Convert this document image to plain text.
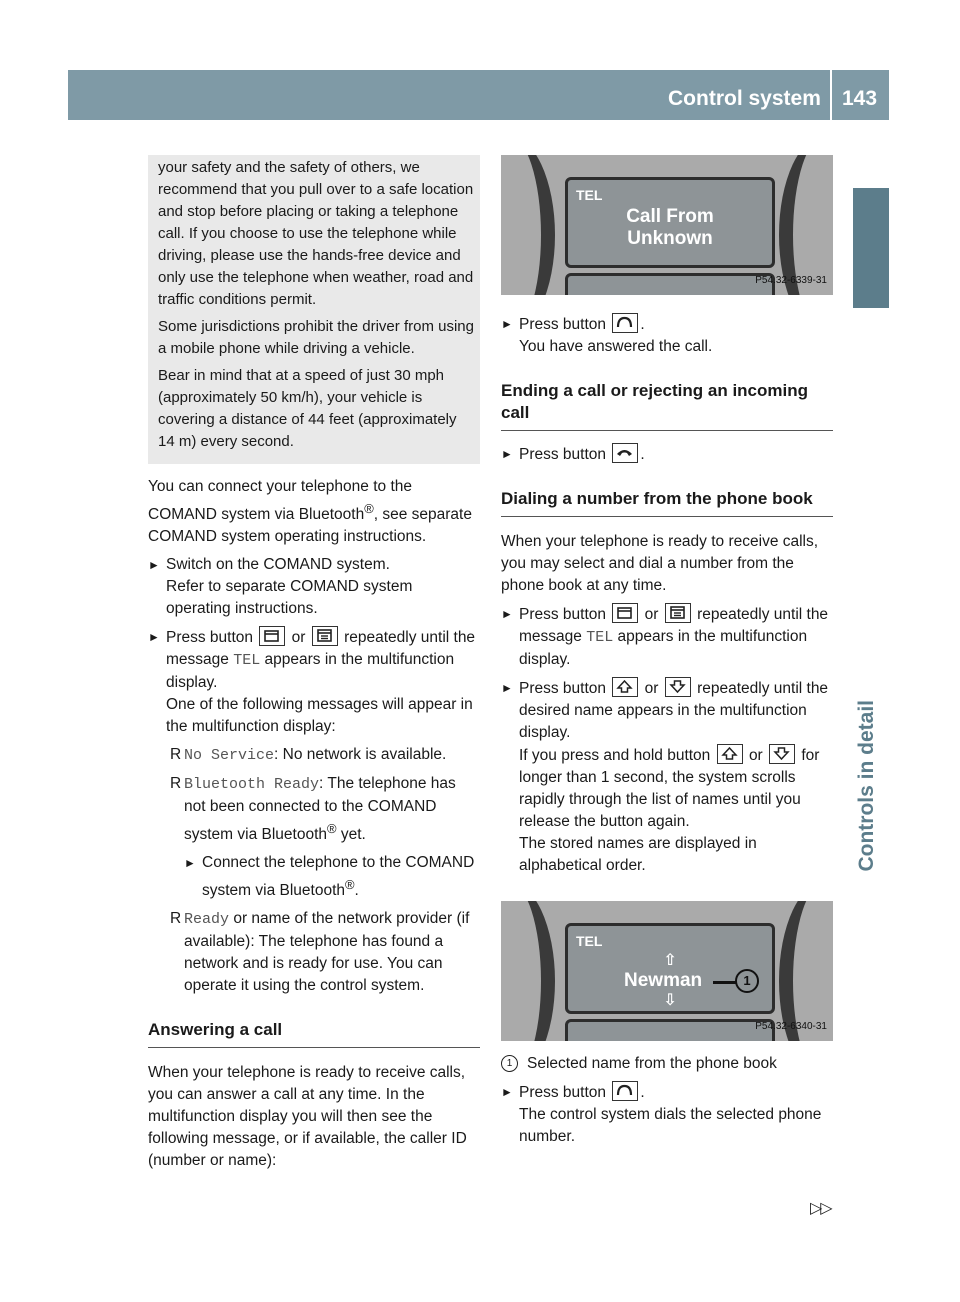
Control system 143
Controls in detail

your safety and the safety of others, we recommend that you pull over to a safe location and stop before placing or taking a telephone call. If you choose to use the telephone while driving, please use the hands-free device and only use the telephone when weather, road and traffic conditions permit.

Some jurisdictions prohibit the driver from using a mobile phone while driving a vehicle.

Bear in mind that at a speed of just 30 mph (approximately 50 km/h), your vehicle is covering a distance of 44 feet (approximately 14 m) every second.

You can connect your telephone to the COMAND system via Bluetooth®, see separate COMAND system operating instructions.

► Switch on the COMAND system.
Refer to separate COMAND system operating instructions.
► Press button or repeatedly until the message TEL appears in the multifunction display.
One of the following messages will appear in the multifunction display:
R No Service: No network is available.
R Bluetooth Ready: The telephone has not been connected to the COMAND system via Bluetooth® yet.
► Connect the telephone to the COMAND system via Bluetooth®.
R Ready or name of the network provider (if available): The telephone has found a network and is ready for use. You can operate it using the control system.
Answering a call

When your telephone is ready to receive calls, you can answer a call at any time. In the multifunction display you will then see the following message, or if available, the caller ID (number or name):

TEL
Call From
Unknown
P54.32-6339-31
► Press button .
You have answered the call.
Ending a call or rejecting an incoming call
► Press button .
Dialing a number from the phone book

When your telephone is ready to receive calls, you may select and dial a number from the phone book at any time.

► Press button or repeatedly until the message TEL appears in the multifunction display.
► Press button or repeatedly until the desired name appears in the multifunction display.
If you press and hold button or for longer than 1 second, the system scrolls rapidly through the list of names until you release the button again.
The stored names are displayed in alphabetical order.
TEL
⇧
Newman
⇩
1
P54.32-6340-31
1 Selected name from the phone book
► Press button .
The control system dials the selected phone number.
▷▷
